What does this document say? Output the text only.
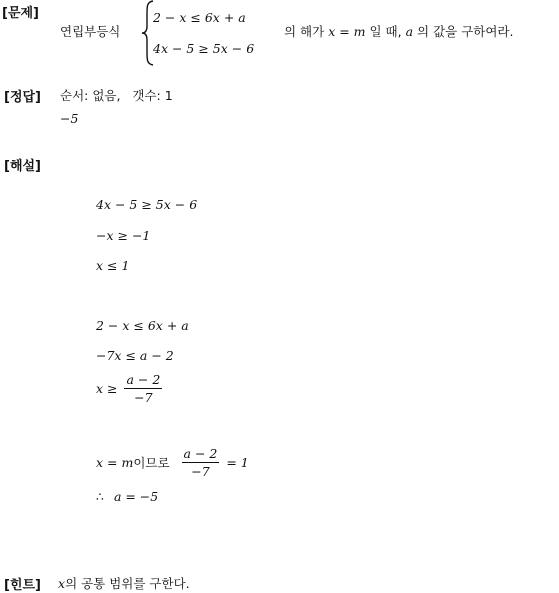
[문제]
연립부등식
2 − x ≤ 6x + a
4x − 5 ≥ 5x − 6
의 해가 x = m 일 때, a 의 값을 구하여라.
[정답] 순서: 없음,   갯수: 1
−5
[해설]
4x − 5 ≥ 5x − 6
−x ≥ −1
x ≤ 1
2 − x ≤ 6x + a
−7x ≤ a − 2
$x \ge \frac{a - 2}{-7}$
x = m이므로 $\frac{a - 2}{-7} = 1$
∴ a = −5
[힌트] x의 공통 범위를 구한다.
